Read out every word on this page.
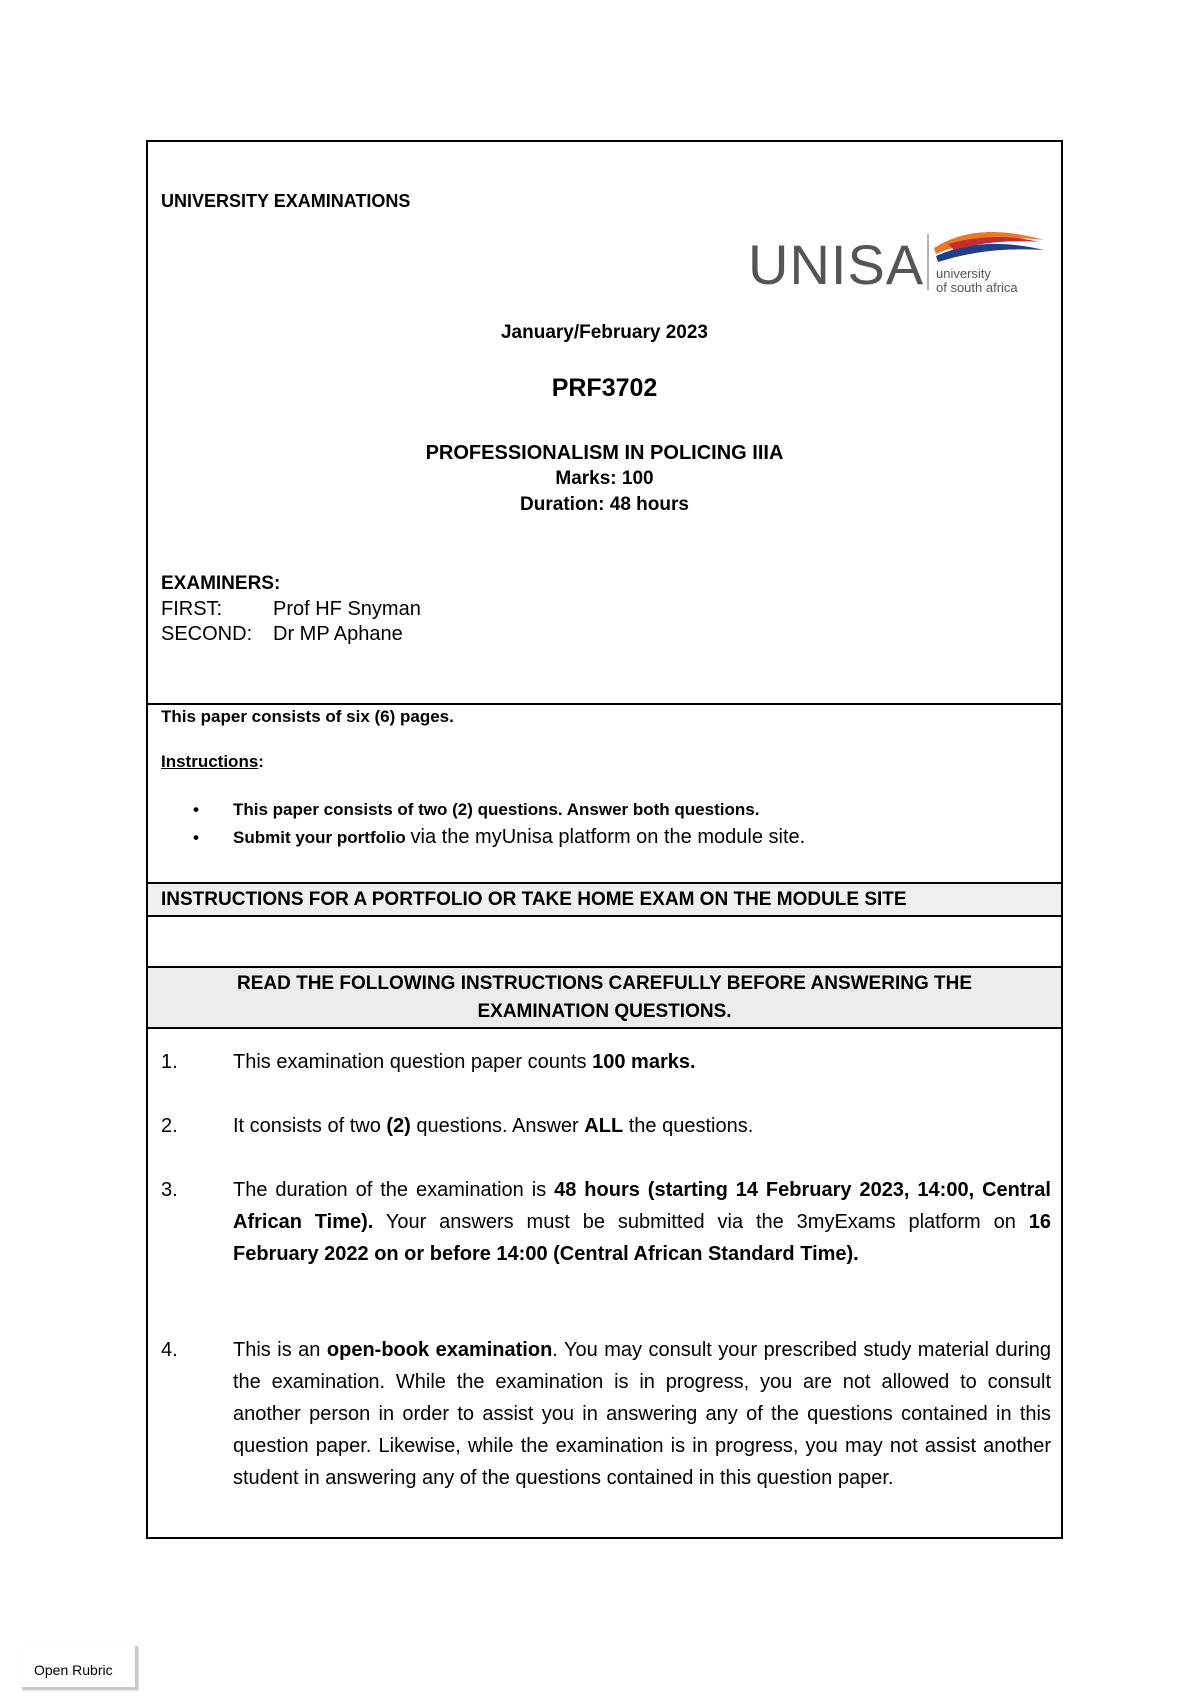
UNIVERSITY EXAMINATIONS
UNISA university
of south africa
January/February 2023
PRF3702
PROFESSIONALISM IN POLICING IIIA
Marks: 100
Duration: 48 hours
EXAMINERS:
FIRST:	Prof HF Snyman
SECOND: Dr MP Aphane
This paper consists of six (6) pages.
Instructions:
• This paper consists of two (2) questions. Answer both questions.
• Submit your portfolio via the myUnisa platform on the module site.
INSTRUCTIONS FOR A PORTFOLIO OR TAKE HOME EXAM ON THE MODULE SITE
READ THE FOLLOWING INSTRUCTIONS CAREFULLY BEFORE ANSWERING THE
EXAMINATION QUESTIONS.
1.	This examination question paper counts 100 marks.
2.	It consists of two (2) questions. Answer ALL the questions.
3.	The duration of the examination is 48 hours (starting 14 February 2023, 14:00, Central African Time). Your answers must be submitted via the 3myExams platform on 16 February 2022 on or before 14:00 (Central African Standard Time).
4.	This is an open-book examination. You may consult your prescribed study material during the examination. While the examination is in progress, you are not allowed to consult another person in order to assist you in answering any of the questions contained in this question paper. Likewise, while the examination is in progress, you may not assist another student in answering any of the questions contained in this question paper.
Open Rubric
